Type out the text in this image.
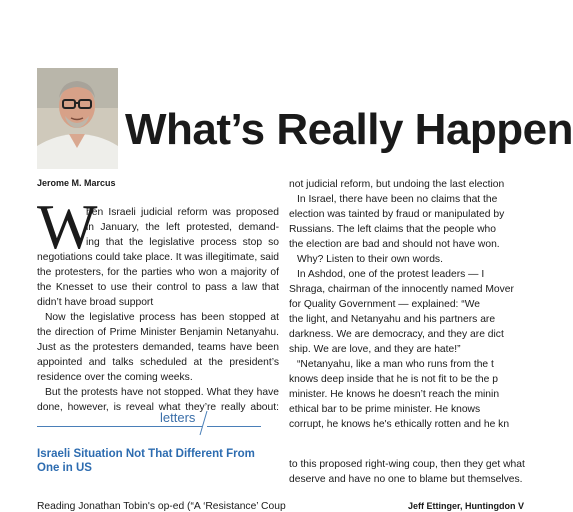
What’s Really Happen
Jerome M. Marcus
W
hen Israeli judicial reform was proposed
in January, the left protested, demand-
ing that the legislative process stop so
negotiations could take place. It was illegitimate, said
the protesters, for the parties who won a majority of
the Knesset to use their control to pass a law that
didn’t have broad support
Now the legislative process has been stopped at
the direction of Prime Minister Benjamin Netanyahu.
Just as the protesters demanded, teams have been
appointed and talks scheduled at the president’s
residence over the coming weeks.
But the protests have not stopped. What they have
done, however, is reveal what they’re really about:
not judicial reform, but undoing the last election
In Israel, there have been no claims that the
election was tainted by fraud or manipulated by
Russians. The left claims that the people who
the election are bad and should not have won.
Why? Listen to their own words.
In Ashdod, one of the protest leaders — I
Shraga, chairman of the innocently named Mover
for Quality Government — explained: “We
the light, and Netanyahu and his partners are
darkness. We are democracy, and they are dict
ship. We are love, and they are hate!”
“Netanyahu, like a man who runs from the t
knows deep inside that he is not fit to be the p
minister. He knows he doesn’t reach the minin
ethical bar to be prime minister. He knows
corrupt, he knows he's ethically rotten and he kn
letters
Israeli Situation Not That Different From One in US
Reading Jonathan Tobin's op-ed (“A ‘Resistance’ Coup
to this proposed right-wing coup, then they get what
deserve and have no one to blame but themselves.
Jeff Ettinger, Huntingdon V
